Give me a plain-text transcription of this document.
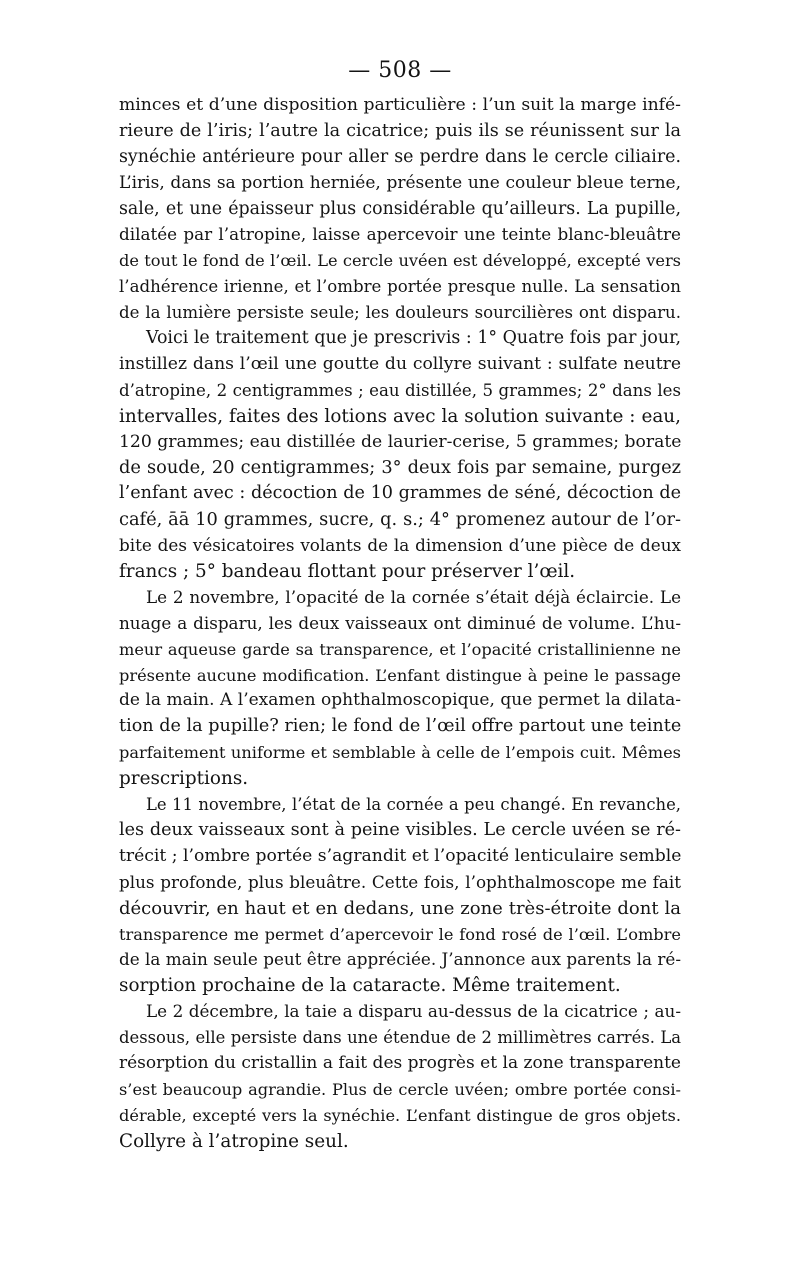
— 508 —
minces et d’une disposition particulière : l’un suit la marge infé-
rieure de l’iris; l’autre la cicatrice; puis ils se réunissent sur la
synéchie antérieure pour aller se perdre dans le cercle ciliaire.
L’iris, dans sa portion herniée, présente une couleur bleue terne,
sale, et une épaisseur plus considérable qu’ailleurs. La pupille,
dilatée par l’atropine, laisse apercevoir une teinte blanc-bleuâtre
de tout le fond de l’œil. Le cercle uvéen est développé, excepté vers
l’adhérence irienne, et l’ombre portée presque nulle. La sensation
de la lumière persiste seule; les douleurs sourcilières ont disparu.
Voici le traitement que je prescrivis : 1° Quatre fois par jour,
instillez dans l’œil une goutte du collyre suivant : sulfate neutre
d’atropine, 2 centigrammes ; eau distillée, 5 grammes; 2° dans les
intervalles, faites des lotions avec la solution suivante : eau,
120 grammes; eau distillée de laurier-cerise, 5 grammes; borate
de soude, 20 centigrammes; 3° deux fois par semaine, purgez
l’enfant avec : décoction de 10 grammes de séné, décoction de
café, āā 10 grammes, sucre, q. s.; 4° promenez autour de l’or-
bite des vésicatoires volants de la dimension d’une pièce de deux
francs ; 5° bandeau flottant pour préserver l’œil.
Le 2 novembre, l’opacité de la cornée s’était déjà éclaircie. Le
nuage a disparu, les deux vaisseaux ont diminué de volume. L’hu-
meur aqueuse garde sa transparence, et l’opacité cristallinienne ne
présente aucune modification. L’enfant distingue à peine le passage
de la main. A l’examen ophthalmoscopique, que permet la dilata-
tion de la pupille? rien; le fond de l’œil offre partout une teinte
parfaitement uniforme et semblable à celle de l’empois cuit. Mêmes
prescriptions.
Le 11 novembre, l’état de la cornée a peu changé. En revanche,
les deux vaisseaux sont à peine visibles. Le cercle uvéen se ré-
trécit ; l’ombre portée s’agrandit et l’opacité lenticulaire semble
plus profonde, plus bleuâtre. Cette fois, l’ophthalmoscope me fait
découvrir, en haut et en dedans, une zone très-étroite dont la
transparence me permet d’apercevoir le fond rosé de l’œil. L’ombre
de la main seule peut être appréciée. J’annonce aux parents la ré-
sorption prochaine de la cataracte. Même traitement.
Le 2 décembre, la taie a disparu au-dessus de la cicatrice ; au-
dessous, elle persiste dans une étendue de 2 millimètres carrés. La
résorption du cristallin a fait des progrès et la zone transparente
s’est beaucoup agrandie. Plus de cercle uvéen; ombre portée consi-
dérable, excepté vers la synéchie. L’enfant distingue de gros objets.
Collyre à l’atropine seul.
